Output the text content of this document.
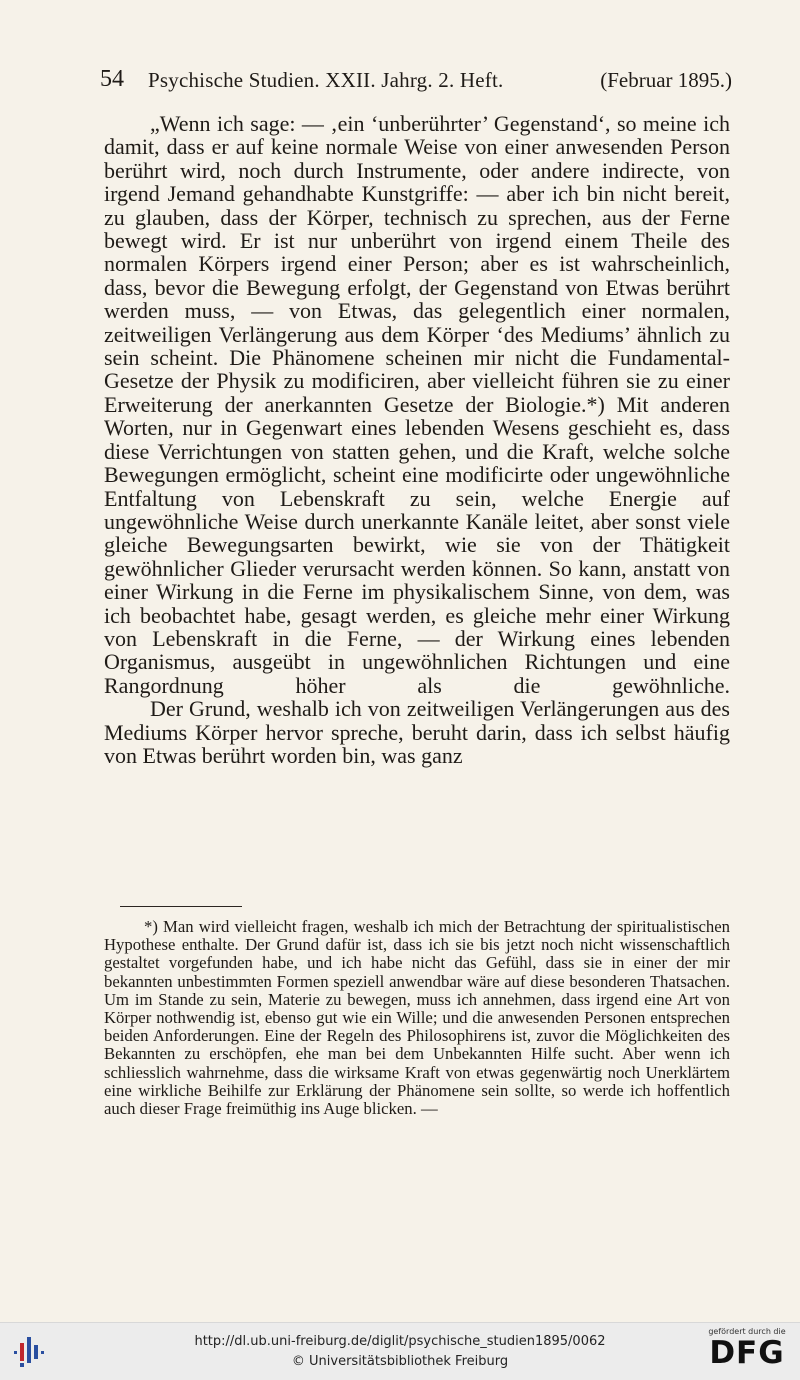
54 Psychische Studien. XXII. Jahrg. 2. Heft.	(Februar 1895.)

„Wenn ich sage: — ‚ein ‘unberührter’ Gegenstand‘, so meine ich damit, dass er auf keine normale Weise von einer anwesenden Person berührt wird, noch durch Instrumente, oder andere indirecte, von irgend Jemand gehandhabte Kunstgriffe: — aber ich bin nicht bereit, zu glauben, dass der Körper, technisch zu sprechen, aus der Ferne bewegt wird. Er ist nur unberührt von irgend einem Theile des normalen Körpers irgend einer Person; aber es ist wahrscheinlich, dass, bevor die Bewegung erfolgt, der Gegenstand von Etwas berührt werden muss, — von Etwas, das gelegentlich einer normalen, zeitweiligen Verlängerung aus dem Körper ‘des Mediums’ ähnlich zu sein scheint. Die Phänomene scheinen mir nicht die Fundamental-Gesetze der Physik zu modificiren, aber vielleicht führen sie zu einer Erweiterung der anerkannten Gesetze der Biologie.*) Mit anderen Worten, nur in Gegenwart eines lebenden Wesens geschieht es, dass diese Verrichtungen von statten gehen, und die Kraft, welche solche Bewegungen ermöglicht, scheint eine modificirte oder ungewöhnliche Entfaltung von Lebenskraft zu sein, welche Energie auf ungewöhnliche Weise durch unerkannte Kanäle leitet, aber sonst viele gleiche Bewegungsarten bewirkt, wie sie von der Thätigkeit gewöhnlicher Glieder verursacht werden können. So kann, anstatt von einer Wirkung in die Ferne im physikalischem Sinne, von dem, was ich beobachtet habe, gesagt werden, es gleiche mehr einer Wirkung von Lebenskraft in die Ferne, — der Wirkung eines lebenden Organismus, ausgeübt in ungewöhnlichen Richtungen und eine Rangordnung höher als die gewöhnliche.

Der Grund, weshalb ich von zeitweiligen Verlängerungen aus des Mediums Körper hervor spreche, beruht darin, dass ich selbst häufig von Etwas berührt worden bin, was ganz

*) Man wird vielleicht fragen, weshalb ich mich der Betrachtung der spiritualistischen Hypothese enthalte. Der Grund dafür ist, dass ich sie bis jetzt noch nicht wissenschaftlich gestaltet vorgefunden habe, und ich habe nicht das Gefühl, dass sie in einer der mir bekannten unbestimmten Formen speziell anwendbar wäre auf diese besonderen Thatsachen. Um im Stande zu sein, Materie zu bewegen, muss ich annehmen, dass irgend eine Art von Körper nothwendig ist, ebenso gut wie ein Wille; und die anwesenden Personen entsprechen beiden Anforderungen. Eine der Regeln des Philosophirens ist, zuvor die Möglichkeiten des Bekannten zu erschöpfen, ehe man bei dem Unbekannten Hilfe sucht. Aber wenn ich schliesslich wahrnehme, dass die wirksame Kraft von etwas gegenwärtig noch Unerklärtem eine wirkliche Beihilfe zur Erklärung der Phänomene sein sollte, so werde ich hoffentlich auch dieser Frage freimüthig ins Auge blicken. —

http://dl.ub.uni-freiburg.de/diglit/psychische_studien1895/0062
© Universitätsbibliothek Freiburg
gefördert durch die
DFG
